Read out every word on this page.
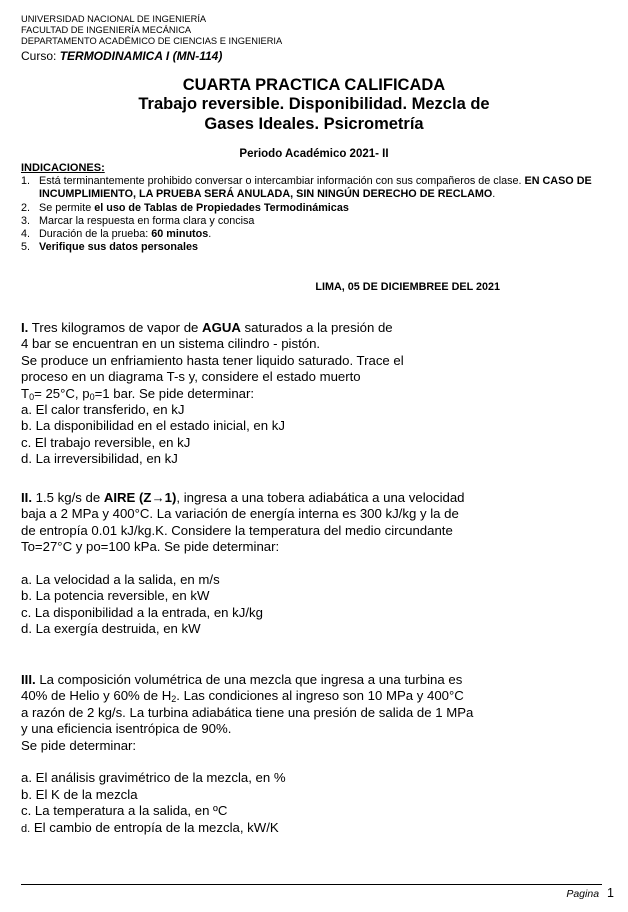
UNIVERSIDAD NACIONAL DE INGENIERÍA
FACULTAD DE INGENIERÍA MECÁNICA
DEPARTAMENTO ACADÉMICO DE CIENCIAS E INGENIERIA
Curso: TERMODINAMICA I (MN-114)
CUARTA PRACTICA CALIFICADA
Trabajo reversible. Disponibilidad. Mezcla de
Gases Ideales. Psicrometría
Periodo Académico 2021- II
INDICACIONES:
1. Está terminantemente prohibido conversar o intercambiar información con sus compañeros de clase. EN CASO DE INCUMPLIMIENTO, LA PRUEBA SERÁ ANULADA, SIN NINGÚN DERECHO DE RECLAMO.
2. Se permite el uso de Tablas de Propiedades Termodinámicas
3. Marcar la respuesta en forma clara y concisa
4. Duración de la prueba: 60 minutos.
5. Verifique sus datos personales
LIMA, 05 DE DICIEMBREE DEL 2021

I. Tres kilogramos de vapor de AGUA saturados a la presión de

4 bar se encuentran en un sistema cilindro - pistón.

Se produce un enfriamiento hasta tener liquido saturado. Trace el

proceso en un diagrama T-s y, considere el estado muerto

$T_0= 25^\circ C$, $p_0=1$ bar. Se pide determinar:

a. El calor transferido, en kJ

b. La disponibilidad en el estado inicial, en kJ

c. El trabajo reversible, en kJ

d. La irreversibilidad, en kJ

II. 1.5 kg/s de AIRE (Z→1), ingresa a una tobera adiabática a una velocidad

baja a 2 MPa y 400°C. La variación de energía interna es 300 kJ/kg y la de

de entropía 0.01 kJ/kg.K. Considere la temperatura del medio circundante

To=27°C y po=100 kPa. Se pide determinar:

a. La velocidad a la salida, en m/s

b. La potencia reversible, en kW

c. La disponibilidad a la entrada, en kJ/kg

d. La exergía destruida, en kW

III. La composición volumétrica de una mezcla que ingresa a una turbina es

40% de Helio y 60% de $H_2$. Las condiciones al ingreso son 10 MPa y 400°C

a razón de 2 kg/s. La turbina adiabática tiene una presión de salida de 1 MPa

y una eficiencia isentrópica de 90%.

Se pide determinar:

a. El análisis gravimétrico de la mezcla, en %

b. El K de la mezcla

c. La temperatura a la salida, en ºC

d. El cambio de entropía de la mezcla, kW/K

Pagina 1
